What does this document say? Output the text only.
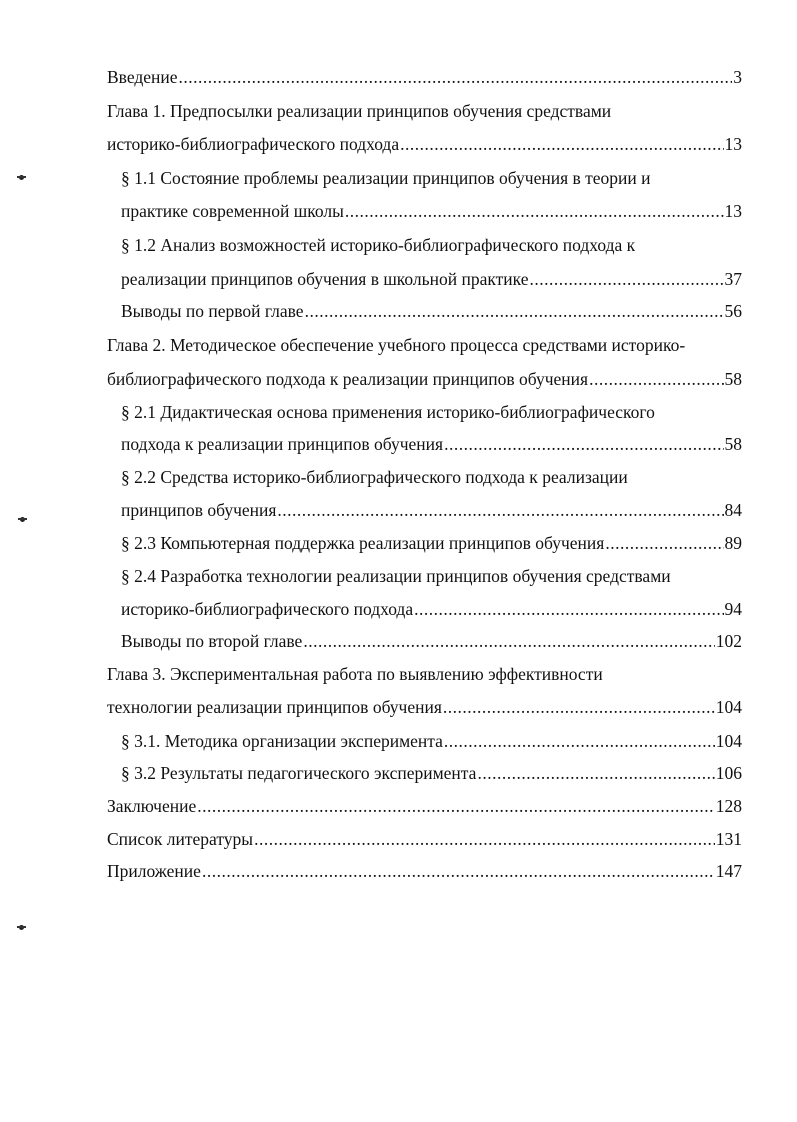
Введение .....	3
Глава 1. Предпосылки реализации принципов обучения средствами
историко-библиографического подхода .....	13
§ 1.1 Состояние проблемы реализации принципов обучения в теории и
практике современной школы .....	13
§ 1.2 Анализ возможностей историко-библиографического подхода к
реализации принципов обучения в школьной практике .....	37
Выводы по первой главе .....	56
Глава 2. Методическое обеспечение учебного процесса средствами историко-
библиографического подхода к реализации принципов обучения .....	58
§ 2.1 Дидактическая основа применения историко-библиографического
подхода к реализации принципов обучения .....	58
§ 2.2 Средства историко-библиографического подхода к реализации
принципов обучения .....	84
§ 2.3 Компьютерная поддержка реализации принципов обучения .....	89
§ 2.4 Разработка технологии реализации принципов обучения средствами
историко-библиографического подхода .....	94
Выводы по второй главе .....	102
Глава 3. Экспериментальная работа по выявлению эффективности
технологии реализации принципов обучения .....	104
§ 3.1. Методика организации эксперимента .....	104
§ 3.2 Результаты педагогического эксперимента .....	106
Заключение .....	128
Список литературы .....	131
Приложение .....	147
